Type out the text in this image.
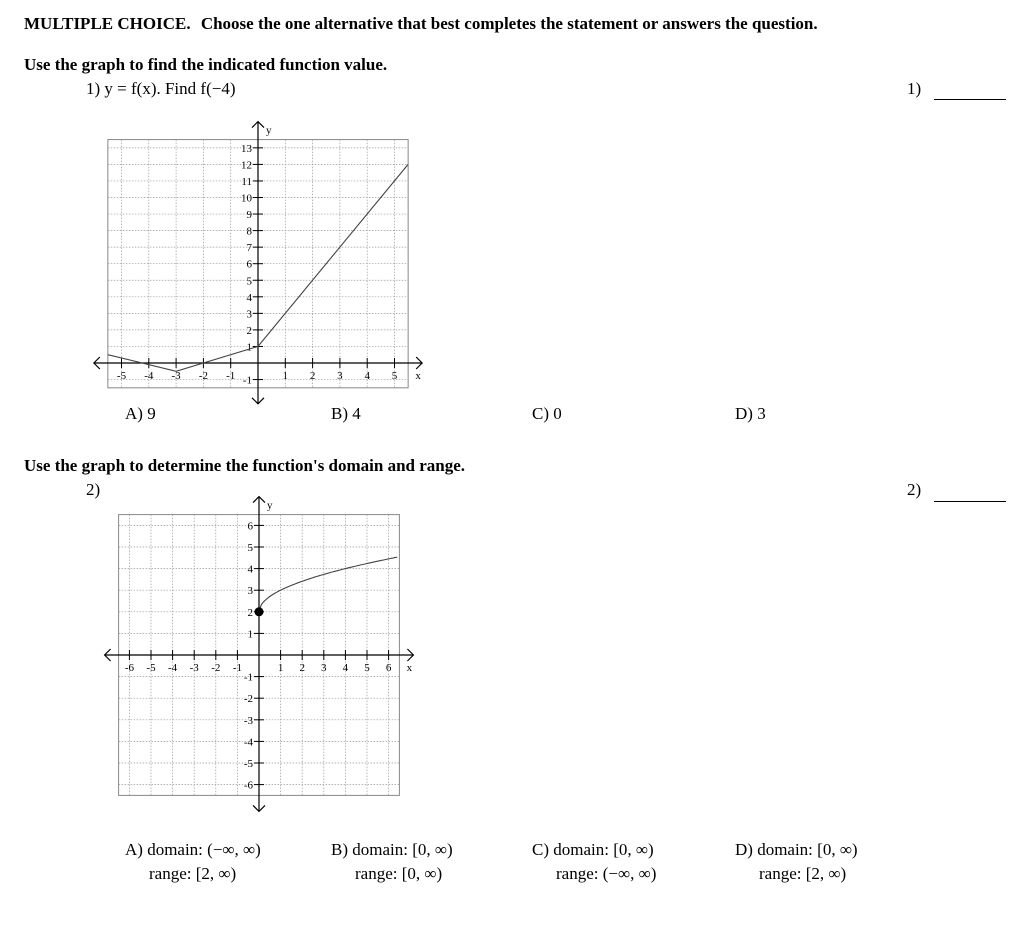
MULTIPLE CHOICE. Choose the one alternative that best completes the statement or answers the question.
Use the graph to find the indicated function value.
1) y = f(x). Find f(−4)	1)
-5 -4 -3 -2 -1	1 2 3 4 5
13
12
11
10
9
8
7
6
5
4
3
2
1
-1
y
x
A) 9	B) 4	C) 0	D) 3
Use the graph to determine the function's domain and range.
2)	2)
-6 -5 -4 -3 -2 -1	1 2 3 4 5 6
6
5
4
3
2
1
-1
-2
-3
-4
-5
-6
y
x
A) domain: (−∞, ∞)
range: [2, ∞)
B) domain: [0, ∞)
range: [0, ∞)
C) domain: [0, ∞)
range: (−∞, ∞)
D) domain: [0, ∞)
range: [2, ∞)
